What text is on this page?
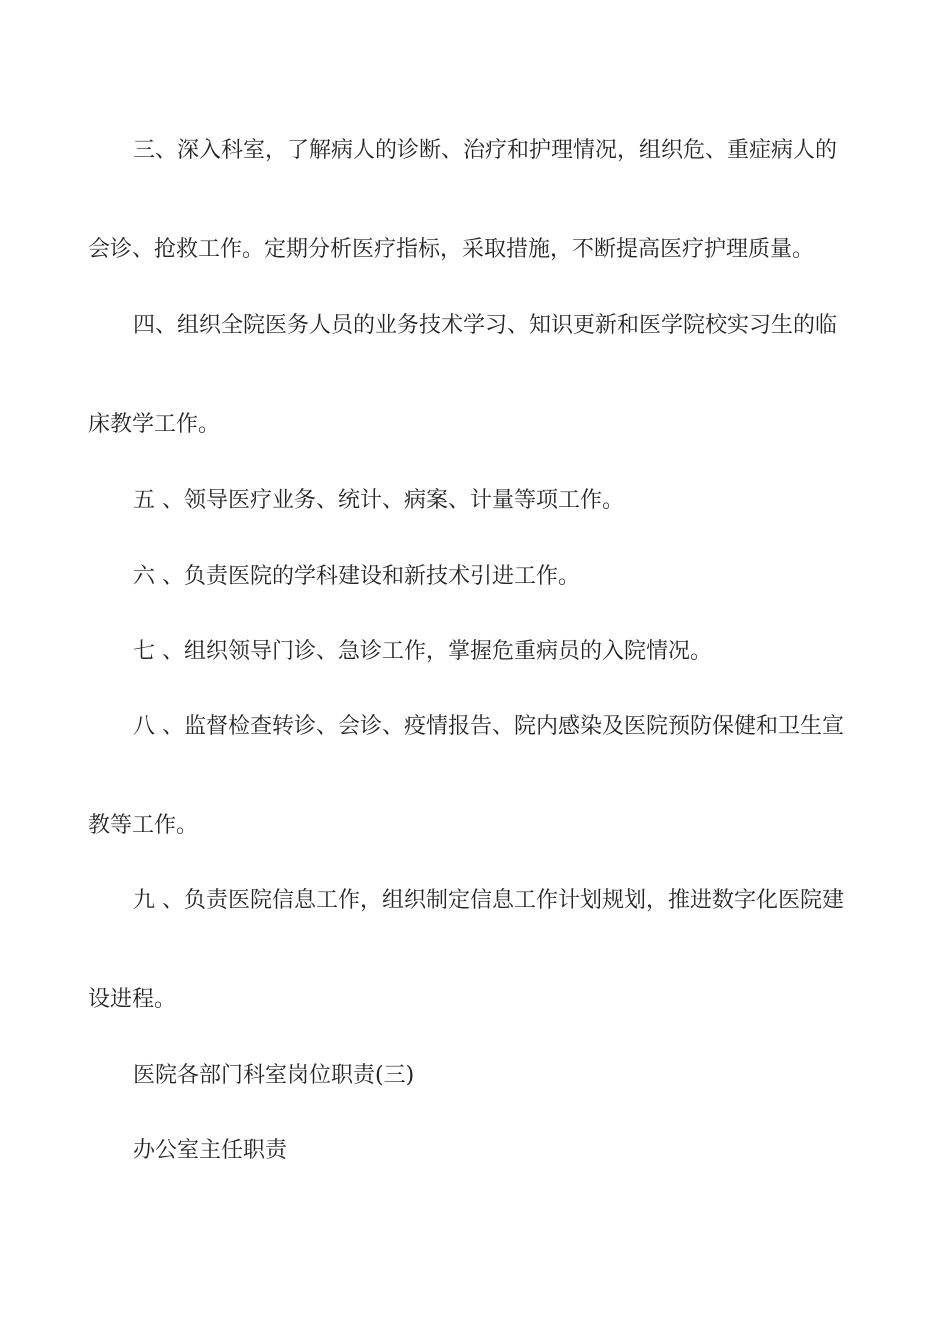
三、深入科室，了解病人的诊断、治疗和护理情况，组织危、重症病人的

会诊、抢救工作。定期分析医疗指标，采取措施，不断提高医疗护理质量。

四、组织全院医务人员的业务技术学习、知识更新和医学院校实习生的临

床教学工作。

五 、领导医疗业务、统计、病案、计量等项工作。

六 、负责医院的学科建设和新技术引进工作。

七 、组织领导门诊、急诊工作，掌握危重病员的入院情况。

八 、监督检查转诊、会诊、疫情报告、院内感染及医院预防保健和卫生宣

教等工作。

九 、负责医院信息工作，组织制定信息工作计划规划，推进数字化医院建

设进程。

医院各部门科室岗位职责(三)

办公室主任职责
